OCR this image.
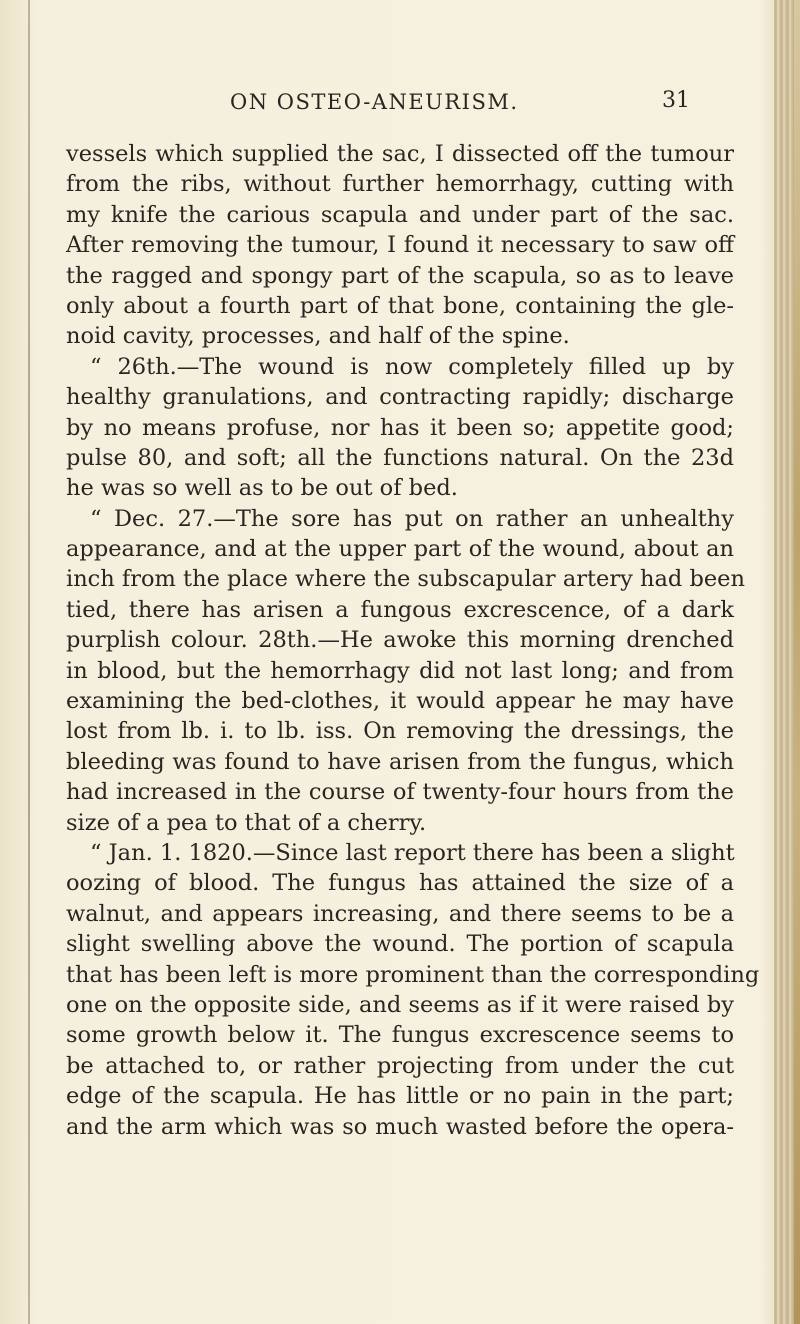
ON OSTEO-ANEURISM.	31
vessels which supplied the sac, I dissected off the tumour
from the ribs, without further hemorrhagy, cutting with
my knife the carious scapula and under part of the sac.
After removing the tumour, I found it necessary to saw off
the ragged and spongy part of the scapula, so as to leave
only about a fourth part of that bone, containing the gle-
noid cavity, processes, and half of the spine.
“ 26th.—The wound is now completely filled up by
healthy granulations, and contracting rapidly; discharge
by no means profuse, nor has it been so; appetite good;
pulse 80, and soft; all the functions natural. On the 23d
he was so well as to be out of bed.
“ Dec. 27.—The sore has put on rather an unhealthy
appearance, and at the upper part of the wound, about an
inch from the place where the subscapular artery had been
tied, there has arisen a fungous excrescence, of a dark
purplish colour. 28th.—He awoke this morning drenched
in blood, but the hemorrhagy did not last long; and from
examining the bed-clothes, it would appear he may have
lost from lb. i. to lb. iss. On removing the dressings, the
bleeding was found to have arisen from the fungus, which
had increased in the course of twenty-four hours from the
size of a pea to that of a cherry.
“ Jan. 1. 1820.—Since last report there has been a slight
oozing of blood. The fungus has attained the size of a
walnut, and appears increasing, and there seems to be a
slight swelling above the wound. The portion of scapula
that has been left is more prominent than the corresponding
one on the opposite side, and seems as if it were raised by
some growth below it. The fungus excrescence seems to
be attached to, or rather projecting from under the cut
edge of the scapula. He has little or no pain in the part;
and the arm which was so much wasted before the opera-
